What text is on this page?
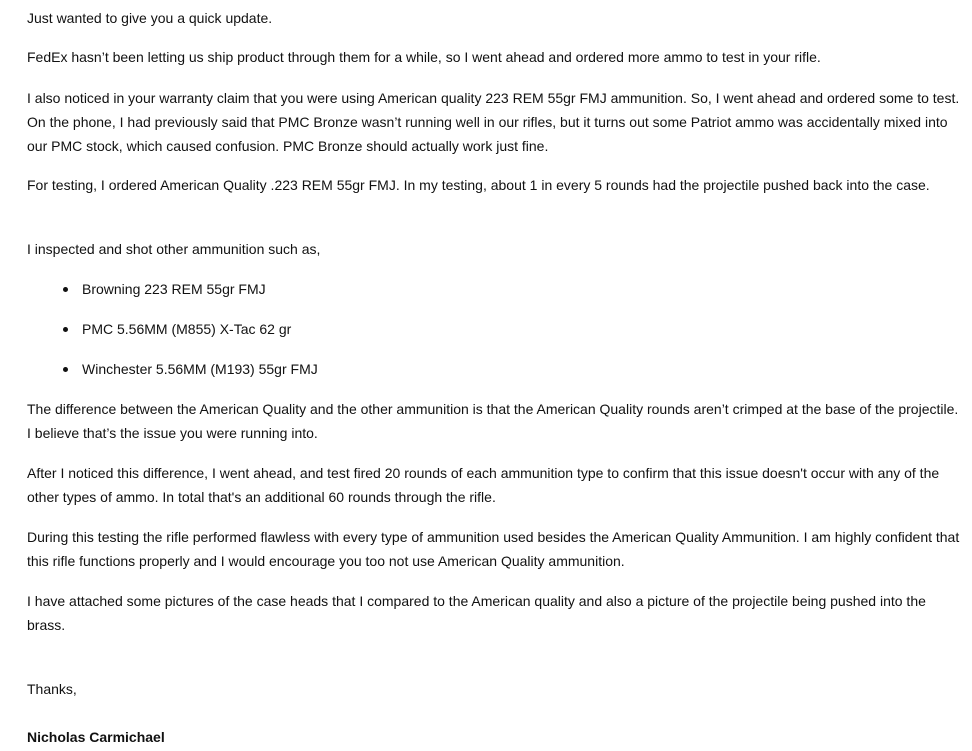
Just wanted to give you a quick update.
FedEx hasn’t been letting us ship product through them for a while, so I went ahead and ordered more ammo to test in your rifle.
I also noticed in your warranty claim that you were using American quality 223 REM 55gr FMJ ammunition. So, I went ahead and ordered some to test. On the phone, I had previously said that PMC Bronze wasn’t running well in our rifles, but it turns out some Patriot ammo was accidentally mixed into our PMC stock, which caused confusion. PMC Bronze should actually work just fine.
For testing, I ordered American Quality .223 REM 55gr FMJ. In my testing, about 1 in every 5 rounds had the projectile pushed back into the case.
I inspected and shot other ammunition such as,
Browning 223 REM 55gr FMJ
PMC 5.56MM (M855) X-Tac 62 gr
Winchester 5.56MM (M193) 55gr FMJ
The difference between the American Quality and the other ammunition is that the American Quality rounds aren’t crimped at the base of the projectile. I believe that’s the issue you were running into.
After I noticed this difference, I went ahead, and test fired 20 rounds of each ammunition type to confirm that this issue doesn't occur with any of the other types of ammo. In total that's an additional 60 rounds through the rifle.
During this testing the rifle performed flawless with every type of ammunition used besides the American Quality Ammunition. I am highly confident that this rifle functions properly and I would encourage you too not use American Quality ammunition.
I have attached some pictures of the case heads that I compared to the American quality and also a picture of the projectile being pushed into the brass.
Thanks,
Nicholas Carmichael
